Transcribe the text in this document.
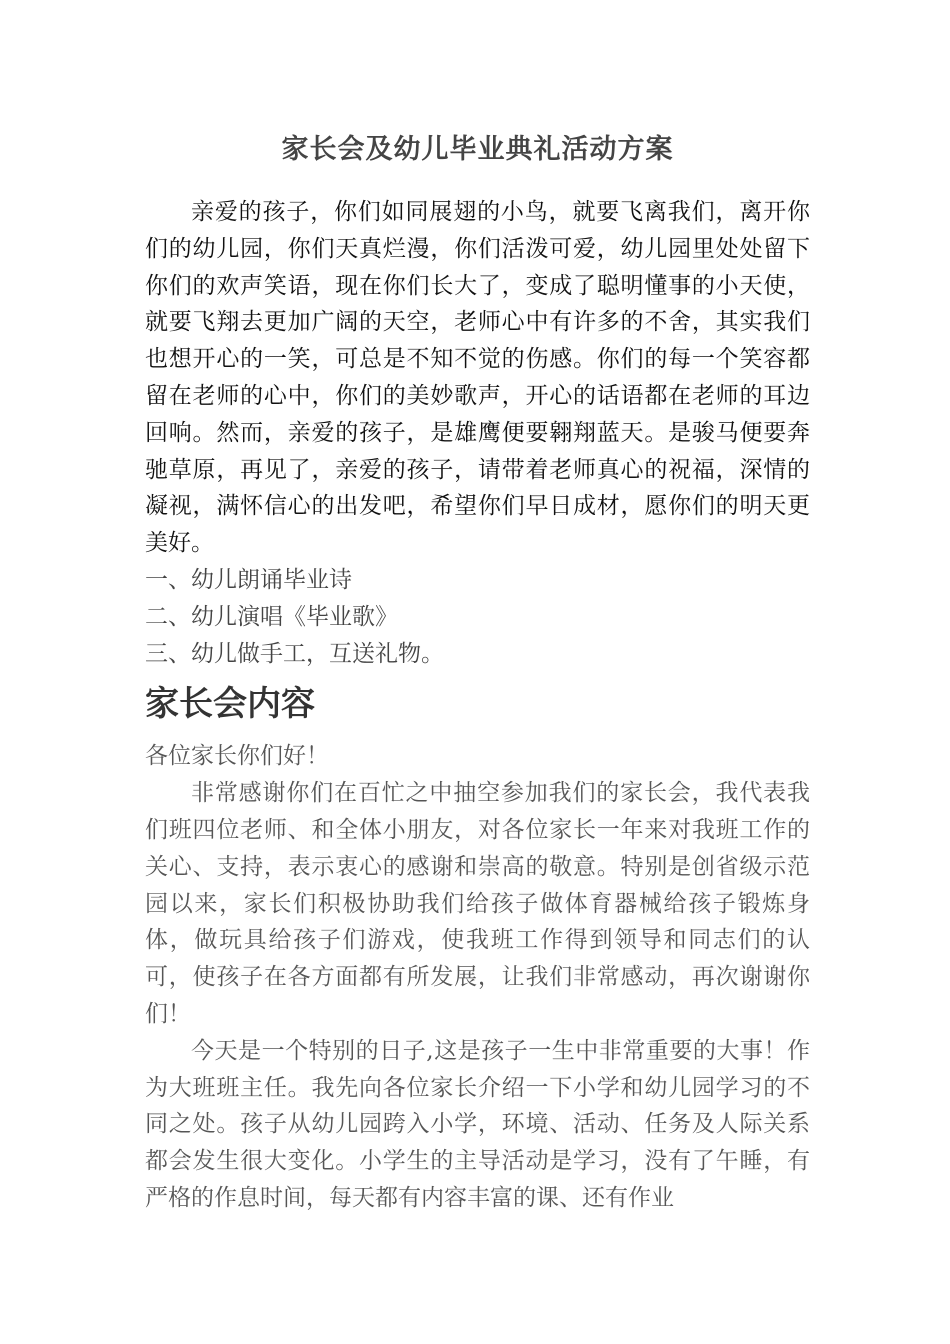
家长会及幼儿毕业典礼活动方案

亲爱的孩子，你们如同展翅的小鸟，就要飞离我们，离开你们的幼儿园，你们天真烂漫，你们活泼可爱，幼儿园里处处留下你们的欢声笑语，现在你们长大了，变成了聪明懂事的小天使，就要飞翔去更加广阔的天空，老师心中有许多的不舍，其实我们也想开心的一笑，可总是不知不觉的伤感。你们的每一个笑容都留在老师的心中，你们的美妙歌声，开心的话语都在老师的耳边回响。然而，亲爱的孩子，是雄鹰便要翱翔蓝天。是骏马便要奔驰草原，再见了，亲爱的孩子，请带着老师真心的祝福，深情的凝视，满怀信心的出发吧，希望你们早日成材，愿你们的明天更美好。

一、幼儿朗诵毕业诗

二、幼儿演唱《毕业歌》

三、幼儿做手工，互送礼物。

家长会内容

各位家长你们好！

非常感谢你们在百忙之中抽空参加我们的家长会，我代表我们班四位老师、和全体小朋友，对各位家长一年来对我班工作的关心、支持，表示衷心的感谢和崇高的敬意。特别是创省级示范园以来，家长们积极协助我们给孩子做体育器械给孩子锻炼身体，做玩具给孩子们游戏，使我班工作得到领导和同志们的认可，使孩子在各方面都有所发展，让我们非常感动，再次谢谢你们！

今天是一个特别的日子,这是孩子一生中非常重要的大事！作为大班班主任。我先向各位家长介绍一下小学和幼儿园学习的不同之处。孩子从幼儿园跨入小学，环境、活动、任务及人际关系都会发生很大变化。小学生的主导活动是学习，没有了午睡，有严格的作息时间，每天都有内容丰富的课、还有作业
